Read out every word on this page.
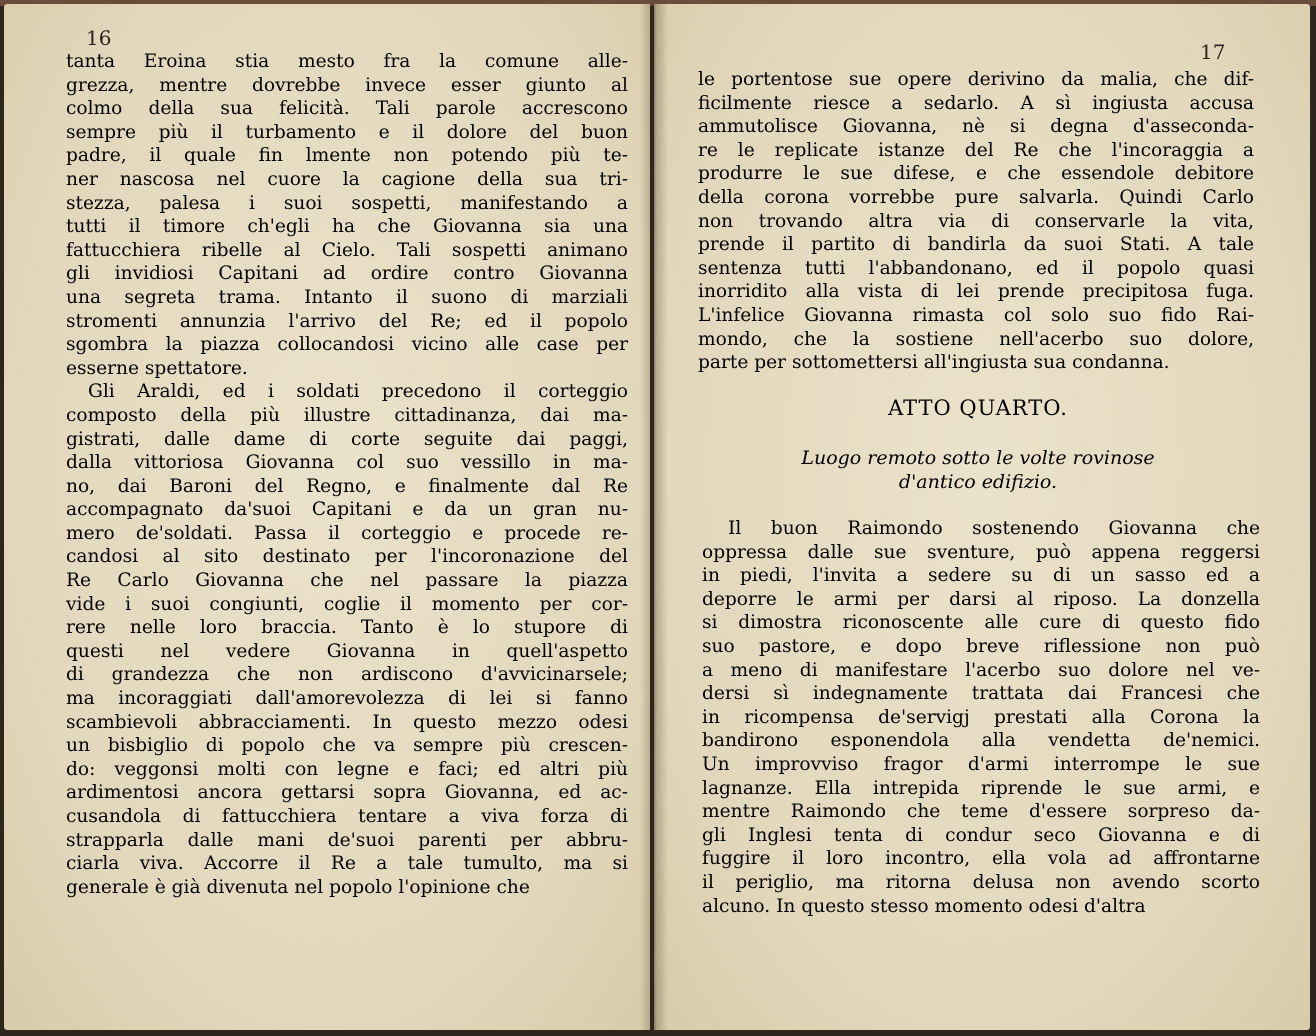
16
17
tanta Eroina stia mesto fra la comune alle-
grezza, mentre dovrebbe invece esser giunto al
colmo della sua felicità. Tali parole accrescono
sempre più il turbamento e il dolore del buon
padre, il quale fin lmente non potendo più te-
ner nascosa nel cuore la cagione della sua tri-
stezza, palesa i suoi sospetti, manifestando a
tutti il timore ch'egli ha che Giovanna sia una
fattucchiera ribelle al Cielo. Tali sospetti animano
gli invidiosi Capitani ad ordire contro Giovanna
una segreta trama. Intanto il suono di marziali
stromenti annunzia l'arrivo del Re; ed il popolo
sgombra la piazza collocandosi vicino alle case per
esserne spettatore.
Gli Araldi, ed i soldati precedono il corteggio
composto della più illustre cittadinanza, dai ma-
gistrati, dalle dame di corte seguite dai paggi,
dalla vittoriosa Giovanna col suo vessillo in ma-
no, dai Baroni del Regno, e finalmente dal Re
accompagnato da'suoi Capitani e da un gran nu-
mero de'soldati. Passa il corteggio e procede re-
candosi al sito destinato per l'incoronazione del
Re Carlo Giovanna che nel passare la piazza
vide i suoi congiunti, coglie il momento per cor-
rere nelle loro braccia. Tanto è lo stupore di
questi nel vedere Giovanna in quell'aspetto
di grandezza che non ardiscono d'avvicinarsele;
ma incoraggiati dall'amorevolezza di lei si fanno
scambievoli abbracciamenti. In questo mezzo odesi
un bisbiglio di popolo che va sempre più crescen-
do: veggonsi molti con legne e faci; ed altri più
ardimentosi ancora gettarsi sopra Giovanna, ed ac-
cusandola di fattucchiera tentare a viva forza di
strapparla dalle mani de'suoi parenti per abbru-
ciarla viva. Accorre il Re a tale tumulto, ma si
generale è già divenuta nel popolo l'opinione che
le portentose sue opere derivino da malia, che dif-
ficilmente riesce a sedarlo. A sì ingiusta accusa
ammutolisce Giovanna, nè si degna d'asseconda-
re le replicate istanze del Re che l'incoraggia a
produrre le sue difese, e che essendole debitore
della corona vorrebbe pure salvarla. Quindi Carlo
non trovando altra via di conservarle la vita,
prende il partito di bandirla da suoi Stati. A tale
sentenza tutti l'abbandonano, ed il popolo quasi
inorridito alla vista di lei prende precipitosa fuga.
L'infelice Giovanna rimasta col solo suo fido Rai-
mondo, che la sostiene nell'acerbo suo dolore,
parte per sottomettersi all'ingiusta sua condanna.
ATTO QUARTO.
Luogo remoto sotto le volte rovinose
d'antico edifizio.
Il buon Raimondo sostenendo Giovanna che
oppressa dalle sue sventure, può appena reggersi
in piedi, l'invita a sedere su di un sasso ed a
deporre le armi per darsi al riposo. La donzella
si dimostra riconoscente alle cure di questo fido
suo pastore, e dopo breve riflessione non può
a meno di manifestare l'acerbo suo dolore nel ve-
dersi sì indegnamente trattata dai Francesi che
in ricompensa de'servigj prestati alla Corona la
bandirono esponendola alla vendetta de'nemici.
Un improvviso fragor d'armi interrompe le sue
lagnanze. Ella intrepida riprende le sue armi, e
mentre Raimondo che teme d'essere sorpreso da-
gli Inglesi tenta di condur seco Giovanna e di
fuggire il loro incontro, ella vola ad affrontarne
il periglio, ma ritorna delusa non avendo scorto
alcuno. In questo stesso momento odesi d'altra
